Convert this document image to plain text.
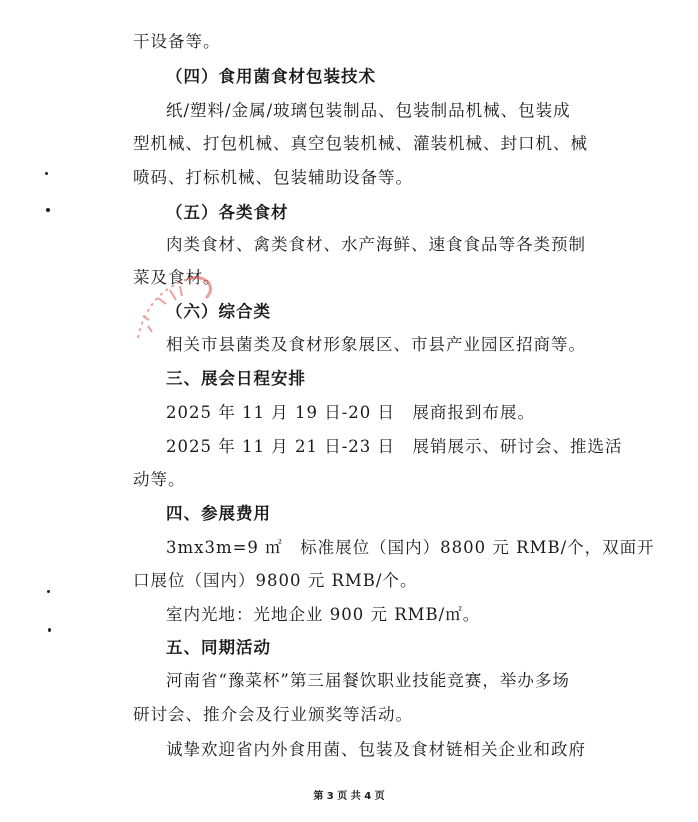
干设备等。
（四）食用菌食材包装技术
纸/塑料/金属/玻璃包装制品、包装制品机械、包装成
型机械、打包机械、真空包装机械、灌装机械、封口机、械
喷码、打标机械、包装辅助设备等。
（五）各类食材
肉类食材、禽类食材、水产海鲜、速食食品等各类预制
菜及食材。
（六）综合类
相关市县菌类及食材形象展区、市县产业园区招商等。
三、展会日程安排
2025 年 11 月 19 日-20 日　展商报到布展。
2025 年 11 月 21 日-23 日　展销展示、研讨会、推选活
动等。
四、参展费用
3mx3m=9 ㎡　标准展位（国内）8800 元 RMB/个，双面开
口展位（国内）9800 元 RMB/个。
室内光地：光地企业 900 元 RMB/㎡。
五、同期活动
河南省“豫菜杯”第三届餐饮职业技能竞赛，举办多场
研讨会、推介会及行业颁奖等活动。
诚挚欢迎省内外食用菌、包装及食材链相关企业和政府
第 3 页 共 4 页
